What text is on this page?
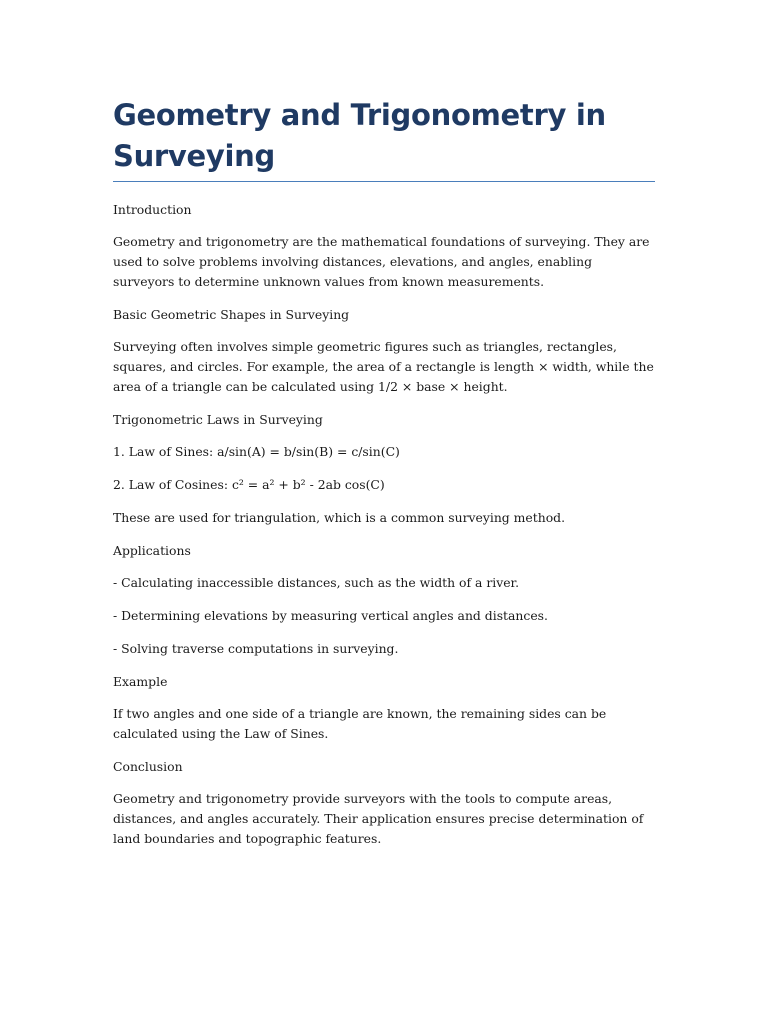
Geometry and Trigonometry in Surveying

Introduction

Geometry and trigonometry are the mathematical foundations of surveying. They are used to solve problems involving distances, elevations, and angles, enabling surveyors to determine unknown values from known measurements.

Basic Geometric Shapes in Surveying

Surveying often involves simple geometric figures such as triangles, rectangles, squares, and circles. For example, the area of a rectangle is length × width, while the area of a triangle can be calculated using 1/2 × base × height.

Trigonometric Laws in Surveying

1. Law of Sines: a/sin(A) = b/sin(B) = c/sin(C)

2. Law of Cosines: c² = a² + b² - 2ab cos(C)

These are used for triangulation, which is a common surveying method.

Applications

- Calculating inaccessible distances, such as the width of a river.

- Determining elevations by measuring vertical angles and distances.

- Solving traverse computations in surveying.

Example

If two angles and one side of a triangle are known, the remaining sides can be calculated using the Law of Sines.

Conclusion

Geometry and trigonometry provide surveyors with the tools to compute areas, distances, and angles accurately. Their application ensures precise determination of land boundaries and topographic features.
